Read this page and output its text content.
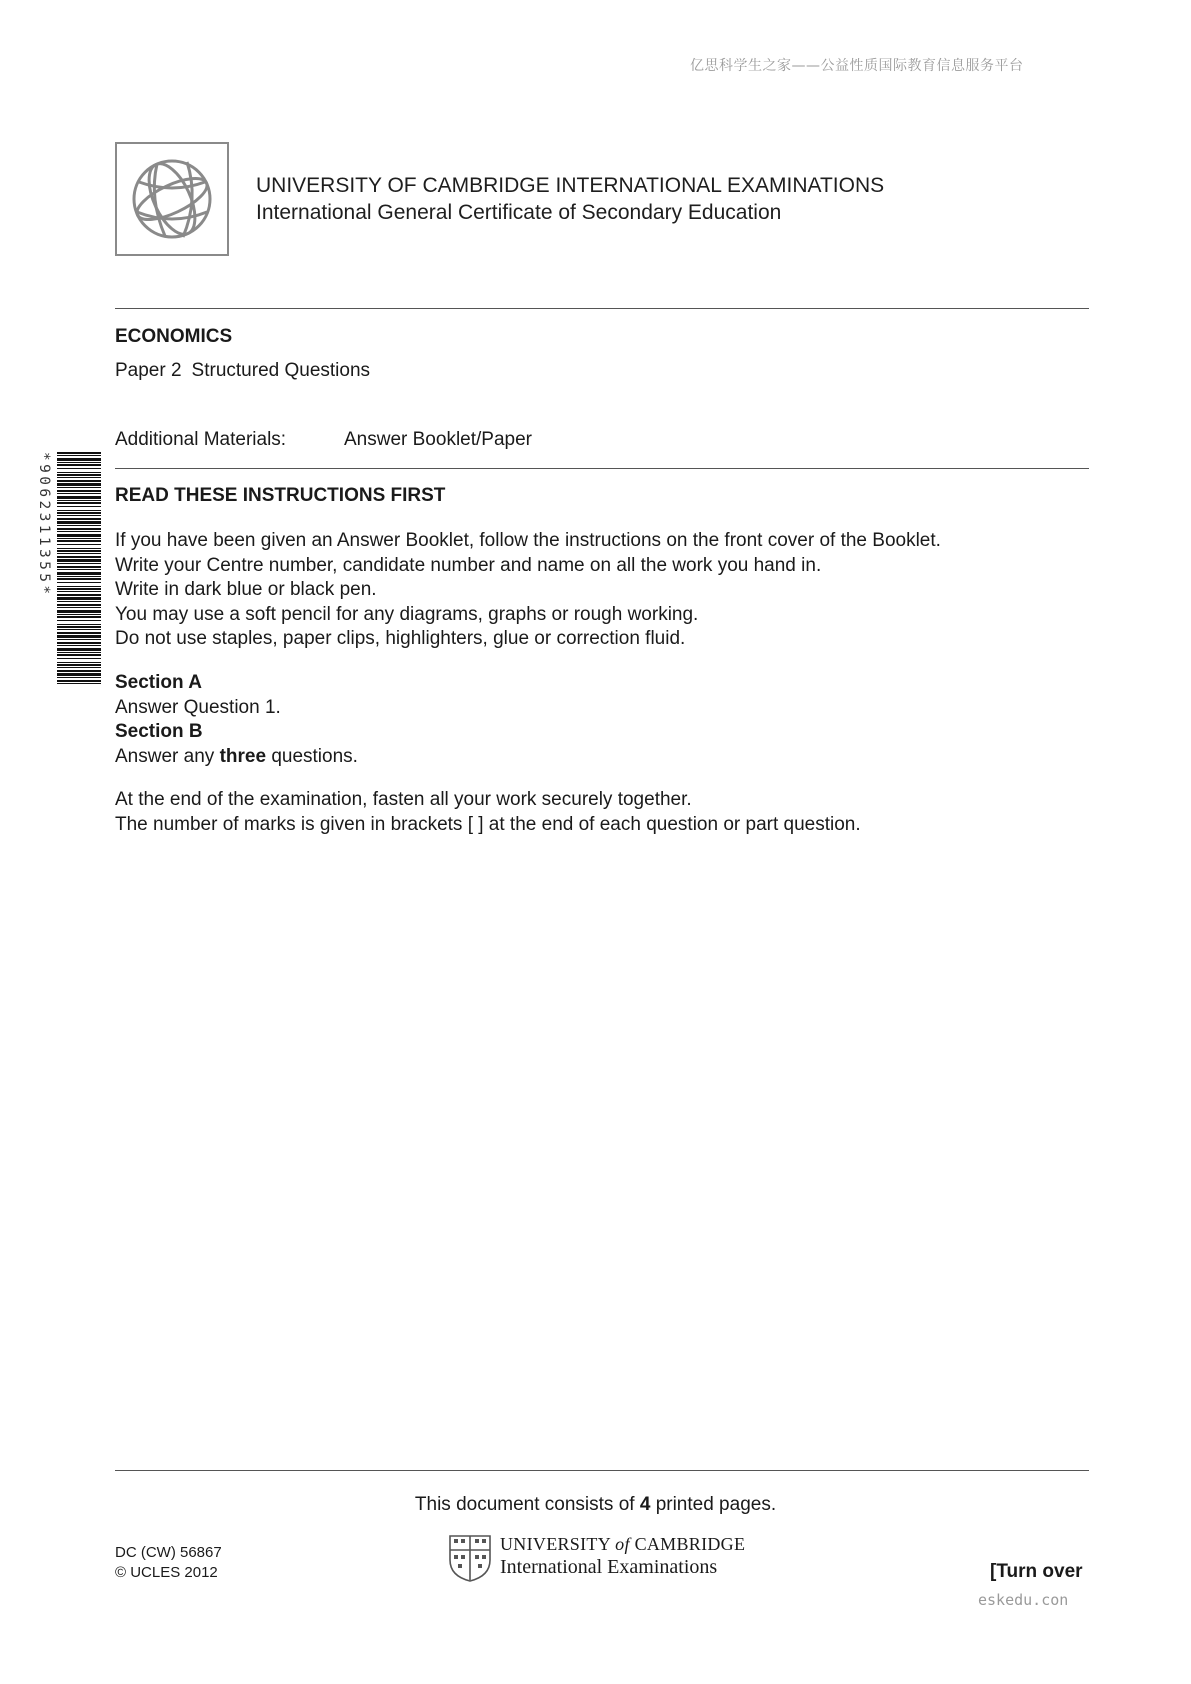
亿思科学生之家——公益性质国际教育信息服务平台
UNIVERSITY OF CAMBRIDGE INTERNATIONAL EXAMINATIONS
International General Certificate of Secondary Education
ECONOMICS
Paper 2 Structured Questions
Additional Materials:	Answer Booklet/Paper
*9062311355*	READ THESE INSTRUCTIONS FIRST
If you have been given an Answer Booklet, follow the instructions on the front cover of the Booklet.
Write your Centre number, candidate number and name on all the work you hand in.
Write in dark blue or black pen.
You may use a soft pencil for any diagrams, graphs or rough working.
Do not use staples, paper clips, highlighters, glue or correction fluid.
Section A
Answer Question 1.
Section B
Answer any three questions.
At the end of the examination, fasten all your work securely together.
The number of marks is given in brackets [ ] at the end of each question or part question.
This document consists of 4 printed pages.
DC (CW) 56867
© UCLES 2012
UNIVERSITY of CAMBRIDGE
International Examinations	[Turn over
eskedu.con
